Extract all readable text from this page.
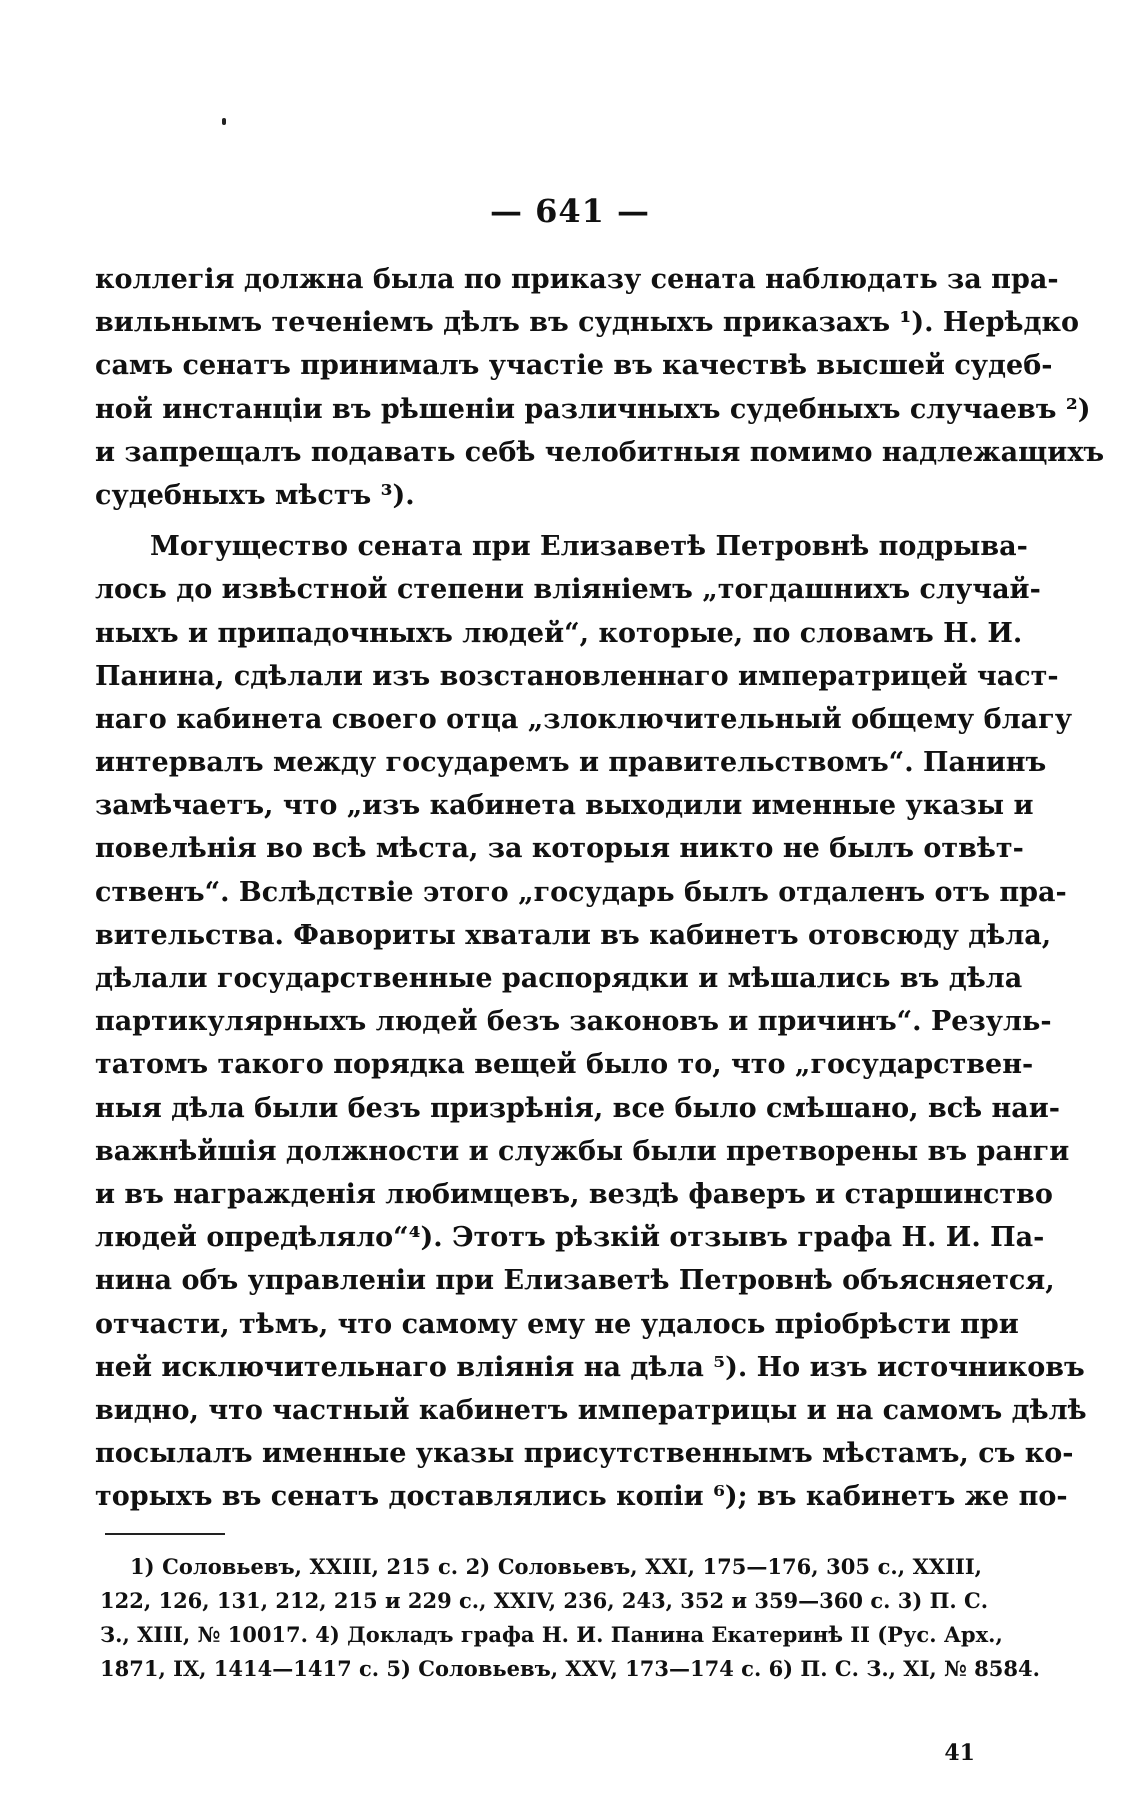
— 641 —
коллегія должна была по приказу сената наблюдать за пра-
вильнымъ теченіемъ дѣлъ въ судныхъ приказахъ ¹). Нерѣдко
самъ сенатъ принималъ участіе въ качествѣ высшей судеб-
ной инстанціи въ рѣшеніи различныхъ судебныхъ случаевъ ²)
и запрещалъ подавать себѣ челобитныя помимо надлежащихъ
судебныхъ мѣстъ ³).
Могущество сената при Елизаветѣ Петровнѣ подрыва-
лось до извѣстной степени вліяніемъ „тогдашнихъ случай-
ныхъ и припадочныхъ людей“, которые, по словамъ Н. И.
Панина, сдѣлали изъ возстановленнаго императрицей част-
наго кабинета своего отца „злоключительный общему благу
интервалъ между государемъ и правительствомъ“. Панинъ
замѣчаетъ, что „изъ кабинета выходили именные указы и
повелѣнія во всѣ мѣста, за которыя никто не былъ отвѣт-
ственъ“. Вслѣдствіе этого „государь былъ отдаленъ отъ пра-
вительства. Фавориты хватали въ кабинетъ отовсюду дѣла,
дѣлали государственные распорядки и мѣшались въ дѣла
партикулярныхъ людей безъ законовъ и причинъ“. Резуль-
татомъ такого порядка вещей было то, что „государствен-
ныя дѣла были безъ призрѣнія, все было смѣшано, всѣ наи-
важнѣйшія должности и службы были претворены въ ранги
и въ награжденія любимцевъ, вездѣ фаверъ и старшинство
людей опредѣляло“⁴). Этотъ рѣзкій отзывъ графа Н. И. Па-
нина объ управленіи при Елизаветѣ Петровнѣ объясняется,
отчасти, тѣмъ, что самому ему не удалось пріобрѣсти при
ней исключительнаго вліянія на дѣла ⁵). Но изъ источниковъ
видно, что частный кабинетъ императрицы и на самомъ дѣлѣ
посылалъ именные указы присутственнымъ мѣстамъ, съ ко-
торыхъ въ сенатъ доставлялись копіи ⁶); въ кабинетъ же по-
1) Соловьевъ, XXIII, 215 с. 2) Соловьевъ, XXI, 175—176, 305 с., XXIII,
122, 126, 131, 212, 215 и 229 с., XXIV, 236, 243, 352 и 359—360 с. 3) П. С.
З., XIII, № 10017. 4) Докладъ графа Н. И. Панина Екатеринѣ II (Рус. Арх.,
1871, IX, 1414—1417 с. 5) Соловьевъ, XXV, 173—174 с. 6) П. С. З., XI, № 8584.
41
